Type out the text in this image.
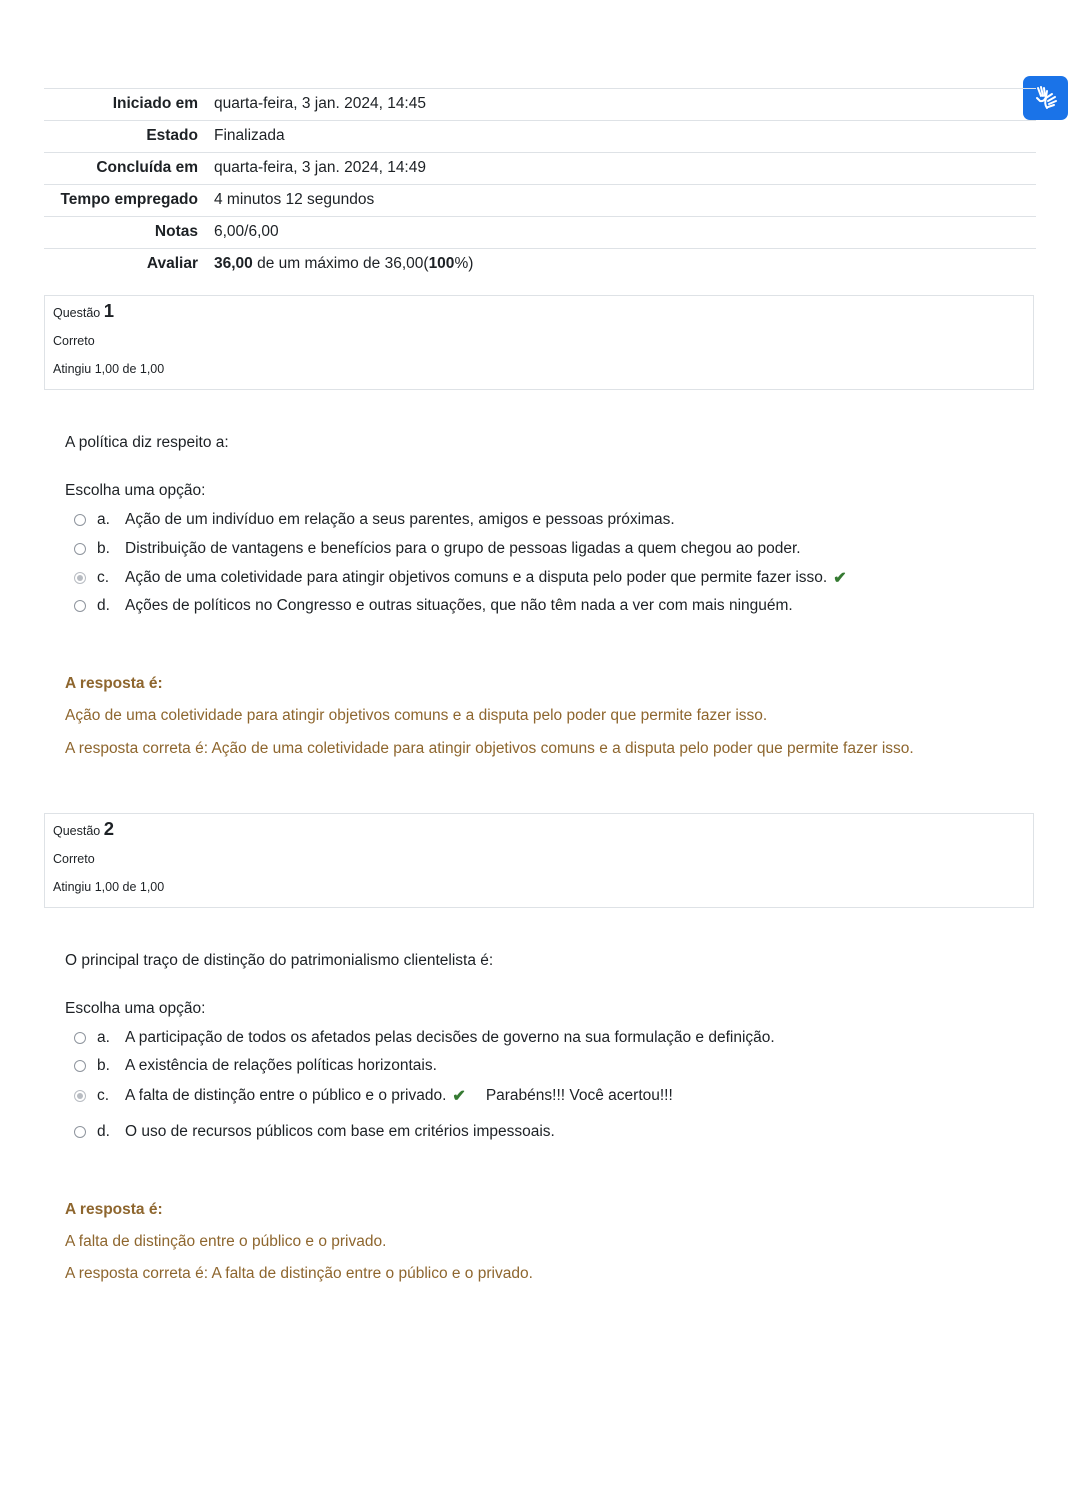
Iniciado em	quarta-feira, 3 jan. 2024, 14:45
Estado	Finalizada
Concluída em	quarta-feira, 3 jan. 2024, 14:49
Tempo empregado	4 minutos 12 segundos
Notas	6,00/6,00
Avaliar	36,00 de um máximo de 36,00(100%)
Questão 1
Correto
Atingiu 1,00 de 1,00
A política diz respeito a:
Escolha uma opção:
a. Ação de um indivíduo em relação a seus parentes, amigos e pessoas próximas.
b. Distribuição de vantagens e benefícios para o grupo de pessoas ligadas a quem chegou ao poder.
c.	Ação de uma coletividade para atingir objetivos comuns e a disputa pelo poder que permite fazer isso. ✔
d. Ações de políticos no Congresso e outras situações, que não têm nada a ver com mais ninguém.
A resposta é:
Ação de uma coletividade para atingir objetivos comuns e a disputa pelo poder que permite fazer isso.
A resposta correta é: Ação de uma coletividade para atingir objetivos comuns e a disputa pelo poder que permite fazer isso.
Questão 2
Correto
Atingiu 1,00 de 1,00
O principal traço de distinção do patrimonialismo clientelista é:
Escolha uma opção:
a. A participação de todos os afetados pelas decisões de governo na sua formulação e definição.
b. A existência de relações políticas horizontais.
c.	A falta de distinção entre o público e o privado. ✔ Parabéns!!! Você acertou!!!
d. O uso de recursos públicos com base em critérios impessoais.
A resposta é:
A falta de distinção entre o público e o privado.
A resposta correta é: A falta de distinção entre o público e o privado.
